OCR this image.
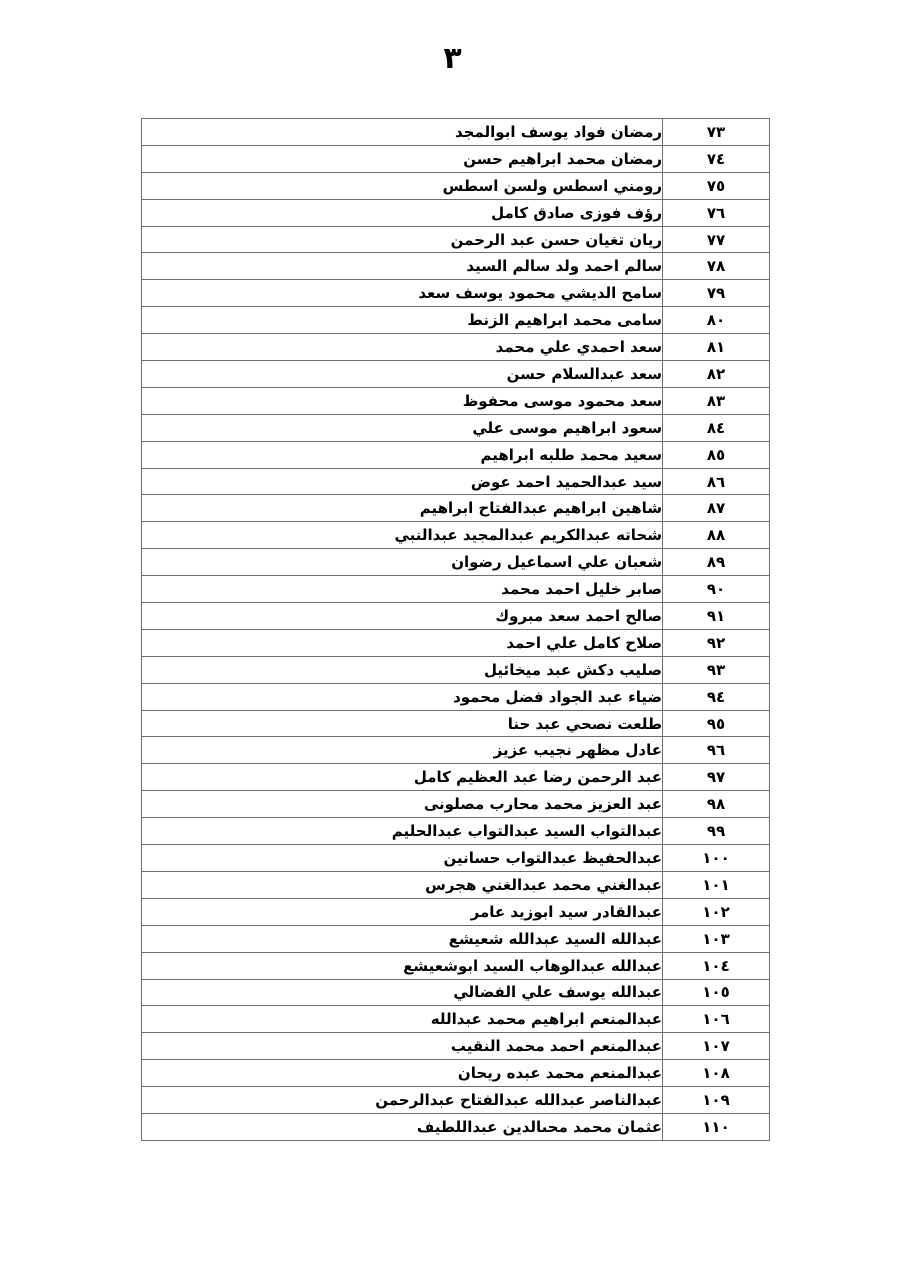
٣
٧٣	رمضان فواد يوسف ابوالمجد
٧٤	رمضان محمد ابراهيم حسن
٧٥	رومني اسطس ولسن اسطس
٧٦	رؤف فوزى صادق كامل
٧٧	ريان تغيان حسن عبد الرحمن
٧٨	سالم احمد ولد سالم السيد
٧٩	سامح الديشي محمود يوسف سعد
٨٠	سامى محمد ابراهيم الزنط
٨١	سعد احمدي علي محمد
٨٢	سعد عبدالسلام حسن
٨٣	سعد محمود موسى محفوظ
٨٤	سعود ابراهيم موسى علي
٨٥	سعيد محمد طلبه ابراهيم
٨٦	سيد عبدالحميد احمد عوض
٨٧	شاهين ابراهيم عبدالفتاح ابراهيم
٨٨	شحاته عبدالكريم عبدالمجيد عبدالنبي
٨٩	شعبان علي اسماعيل رضوان
٩٠	صابر خليل احمد محمد
٩١	صالح احمد سعد مبروك
٩٢	صلاح كامل علي احمد
٩٣	صليب دكش عبد ميخائيل
٩٤	ضياء عبد الجواد فضل محمود
٩٥	طلعت نصحي عبد حنا
٩٦	عادل مظهر نجيب عزيز
٩٧	عبد الرحمن رضا عبد العظيم كامل
٩٨	عبد العزيز محمد محارب مصلونى
٩٩	عبدالتواب السيد عبدالتواب عبدالحليم
١٠٠	عبدالحفيظ عبدالتواب حسانين
١٠١	عبدالغني محمد عبدالغني هجرس
١٠٢	عبدالقادر سيد ابوزيد عامر
١٠٣	عبدالله السيد عبدالله شعيشع
١٠٤	عبدالله عبدالوهاب السيد ابوشعيشع
١٠٥	عبدالله يوسف علي الفضالي
١٠٦	عبدالمنعم ابراهيم محمد عبدالله
١٠٧	عبدالمنعم احمد محمد النقيب
١٠٨	عبدالمنعم محمد عبده ريحان
١٠٩	عبدالناصر عبدالله عبدالفتاح عبدالرحمن
١١٠	عثمان محمد محىالدين عبداللطيف
